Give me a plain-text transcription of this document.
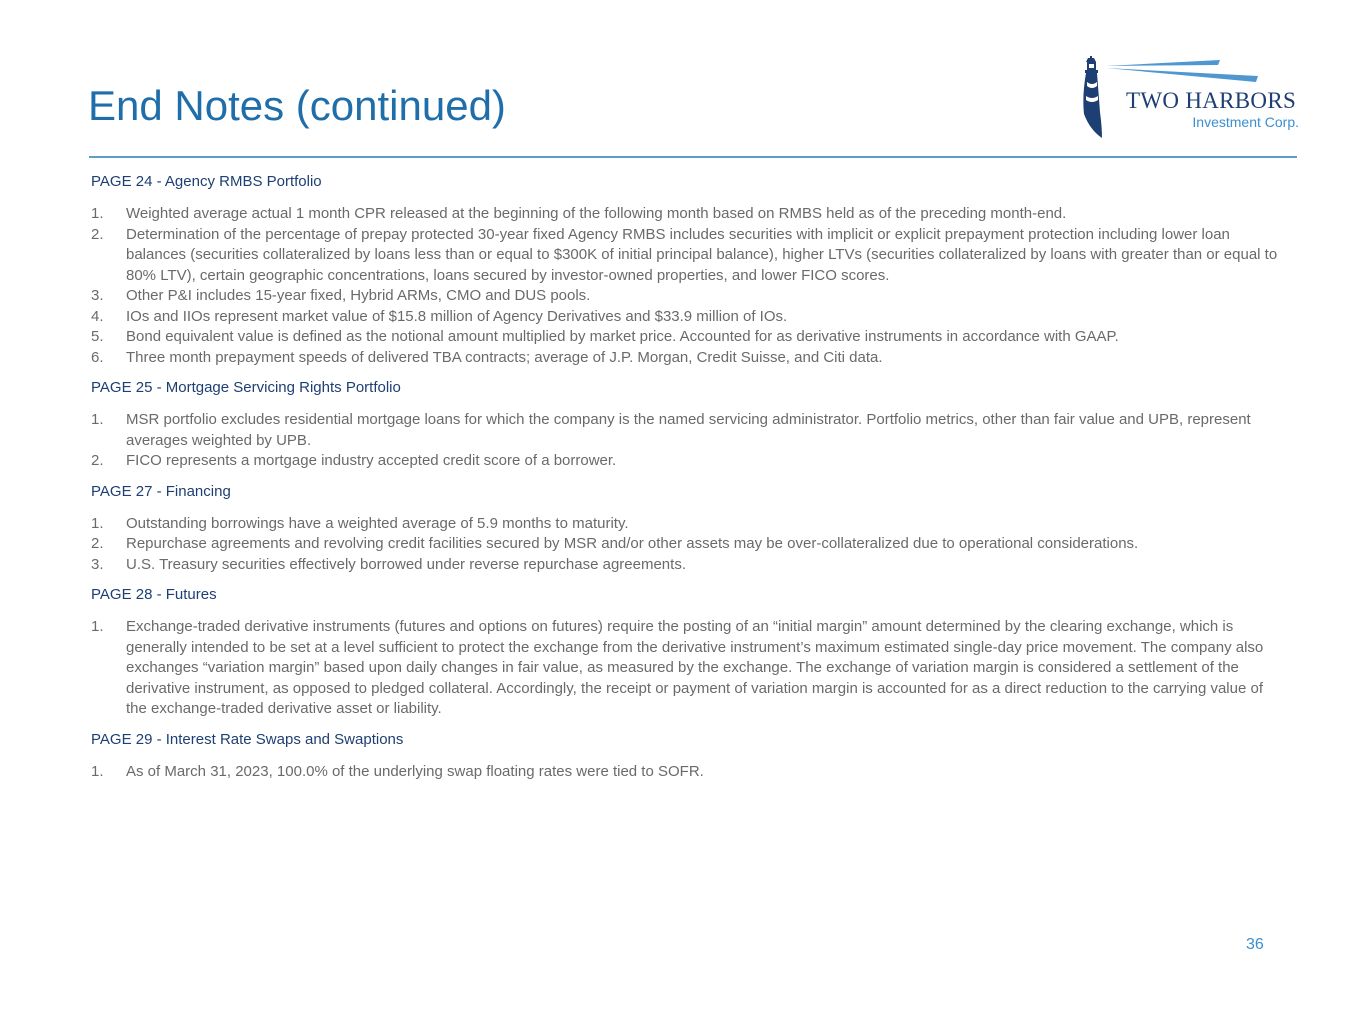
End Notes (continued)	TWO HARBORS
Investment Corp.
PAGE 24 - Agency RMBS Portfolio
1. Weighted average actual 1 month CPR released at the beginning of the following month based on RMBS held as of the preceding month-end.
2. Determination of the percentage of prepay protected 30-year fixed Agency RMBS includes securities with implicit or explicit prepayment protection including lower loan balances (securities collateralized by loans less than or equal to $300K of initial principal balance), higher LTVs (securities collateralized by loans with greater than or equal to 80% LTV), certain geographic concentrations, loans secured by investor-owned properties, and lower FICO scores.
3. Other P&I includes 15-year fixed, Hybrid ARMs, CMO and DUS pools.
4. IOs and IIOs represent market value of $15.8 million of Agency Derivatives and $33.9 million of IOs.
5. Bond equivalent value is defined as the notional amount multiplied by market price. Accounted for as derivative instruments in accordance with GAAP.
6. Three month prepayment speeds of delivered TBA contracts; average of J.P. Morgan, Credit Suisse, and Citi data.
PAGE 25 - Mortgage Servicing Rights Portfolio
1. MSR portfolio excludes residential mortgage loans for which the company is the named servicing administrator. Portfolio metrics, other than fair value and UPB, represent averages weighted by UPB.
2. FICO represents a mortgage industry accepted credit score of a borrower.
PAGE 27 - Financing
1. Outstanding borrowings have a weighted average of 5.9 months to maturity.
2. Repurchase agreements and revolving credit facilities secured by MSR and/or other assets may be over-collateralized due to operational considerations.
3. U.S. Treasury securities effectively borrowed under reverse repurchase agreements.
PAGE 28 - Futures
1. Exchange-traded derivative instruments (futures and options on futures) require the posting of an “initial margin” amount determined by the clearing exchange, which is generally intended to be set at a level sufficient to protect the exchange from the derivative instrument’s maximum estimated single-day price movement. The company also exchanges “variation margin” based upon daily changes in fair value, as measured by the exchange. The exchange of variation margin is considered a settlement of the derivative instrument, as opposed to pledged collateral. Accordingly, the receipt or payment of variation margin is accounted for as a direct reduction to the carrying value of the exchange-traded derivative asset or liability.
PAGE 29 - Interest Rate Swaps and Swaptions
1. As of March 31, 2023, 100.0% of the underlying swap floating rates were tied to SOFR.
36
